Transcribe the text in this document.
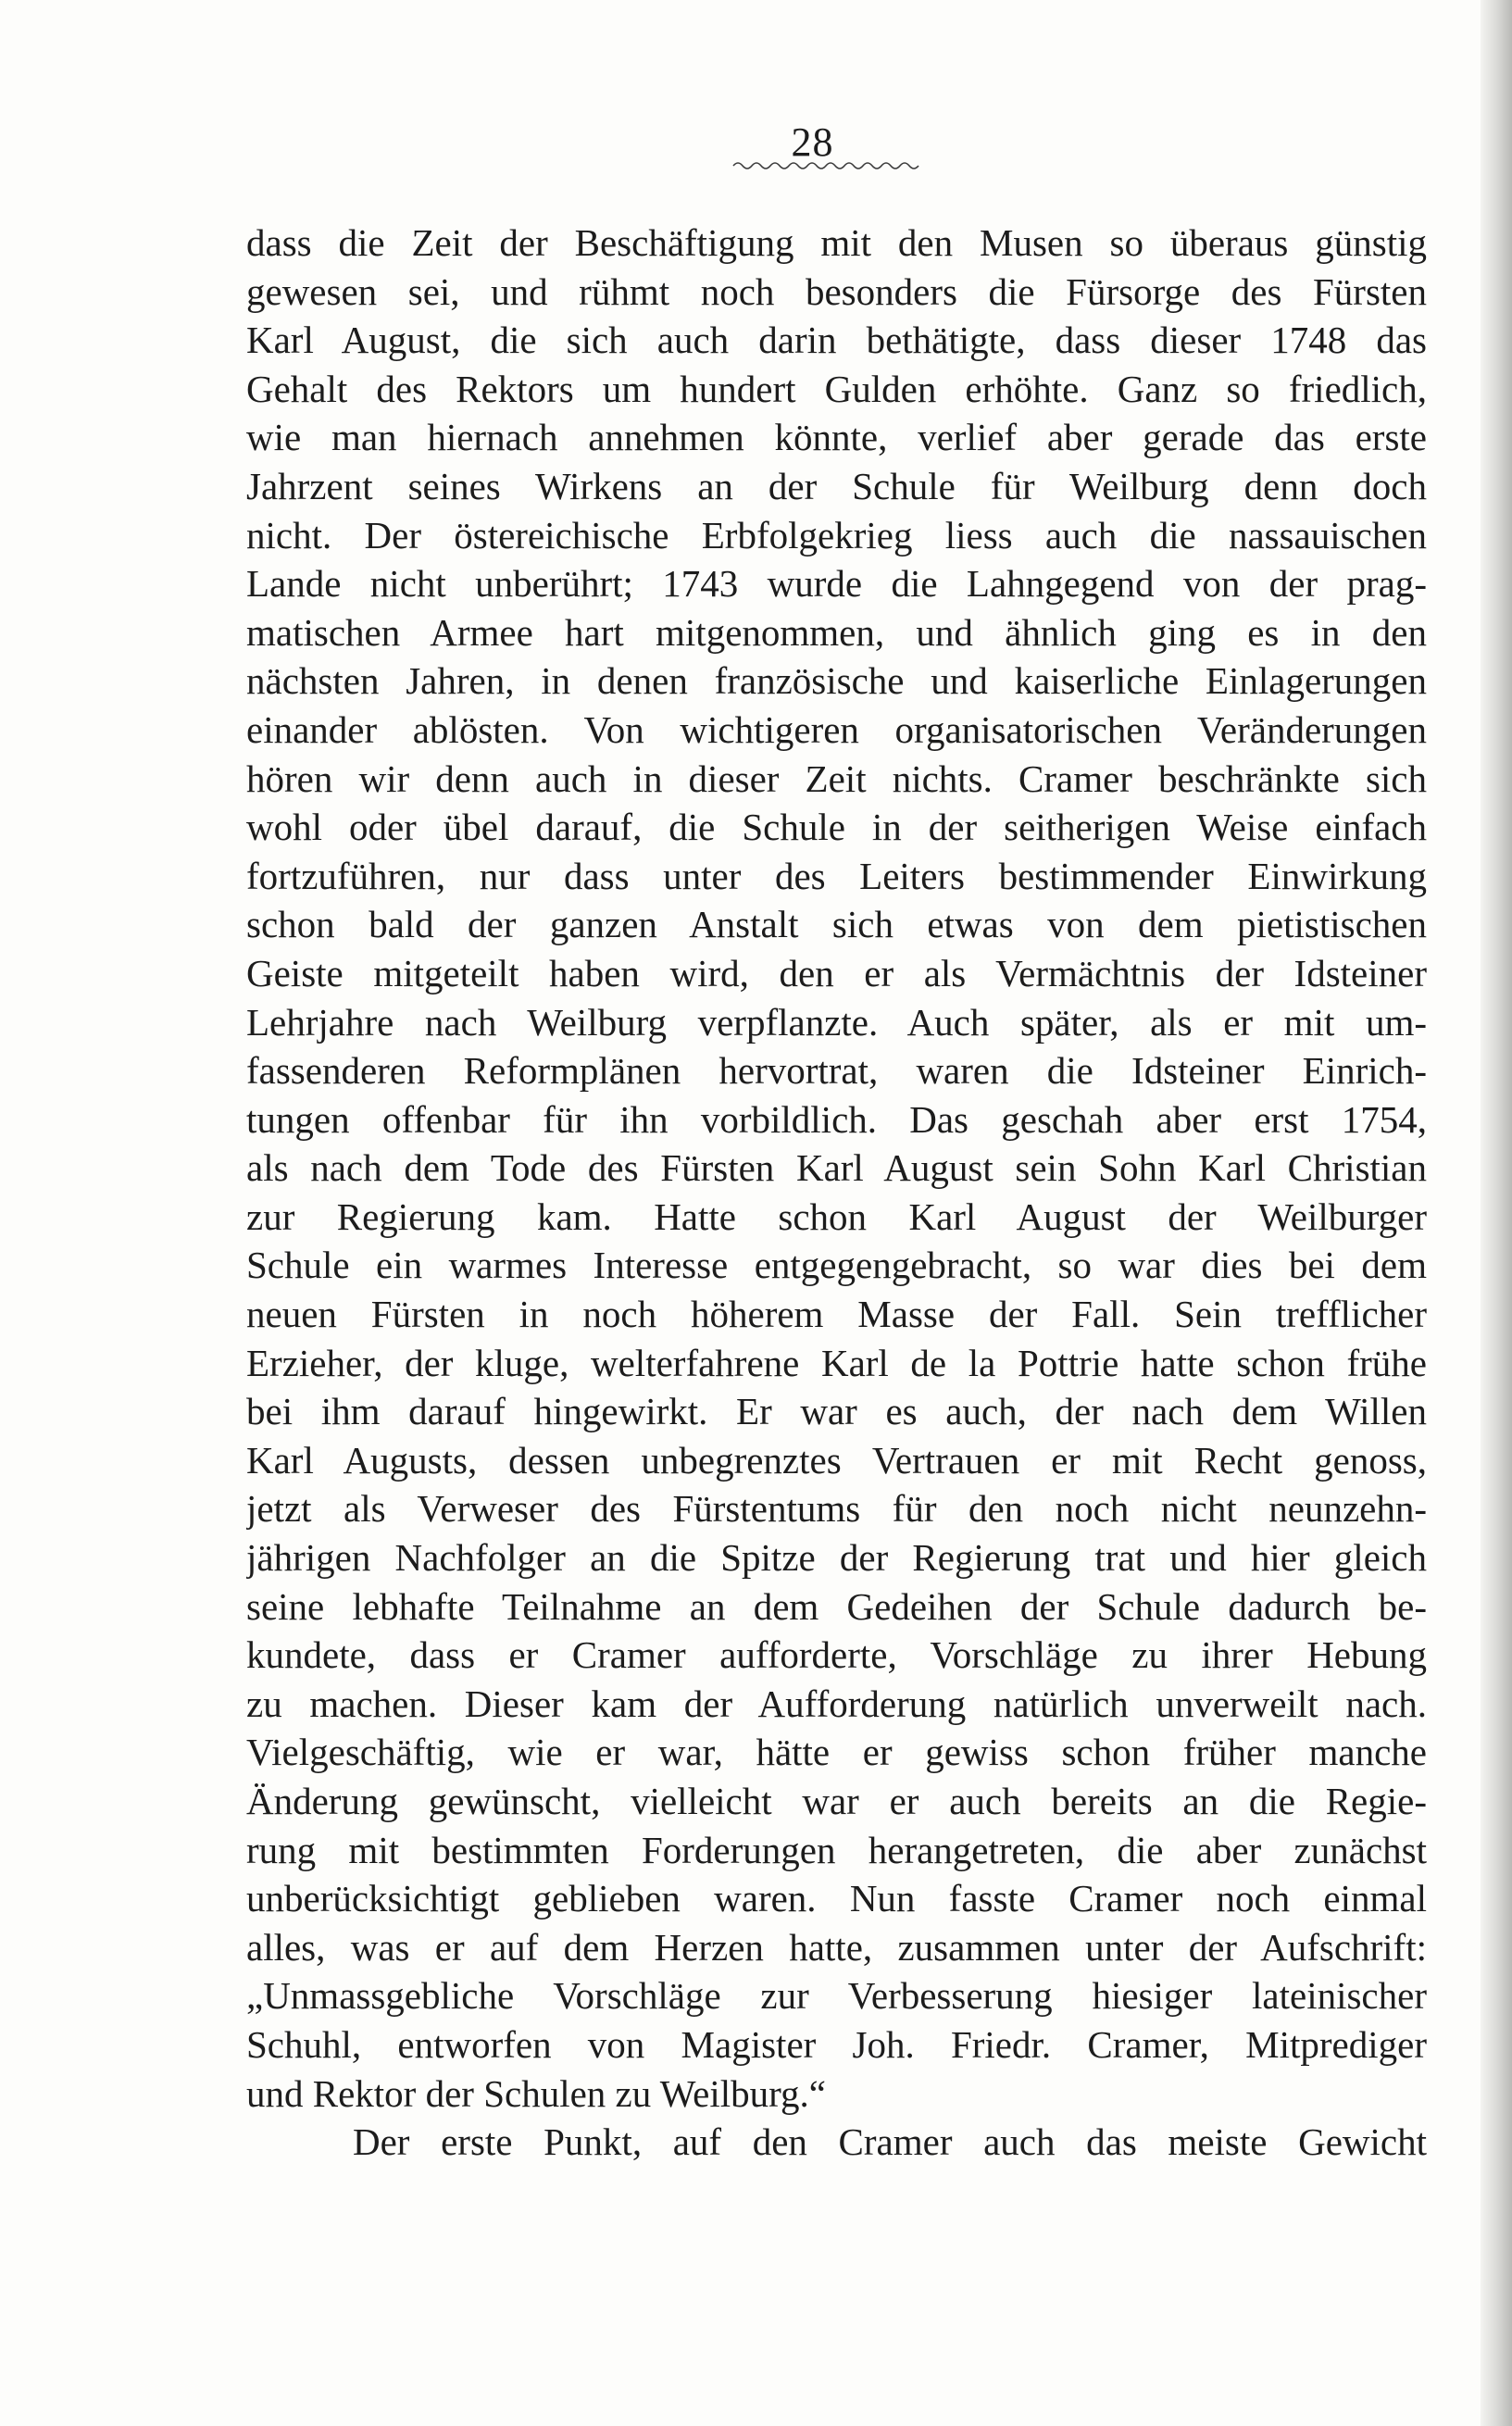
28
dass die Zeit der Beschäftigung mit den Musen so überaus günstig
gewesen sei, und rühmt noch besonders die Fürsorge des Fürsten
Karl August, die sich auch darin bethätigte, dass dieser 1748 das
Gehalt des Rektors um hundert Gulden erhöhte. Ganz so friedlich,
wie man hiernach annehmen könnte, verlief aber gerade das erste
Jahrzent seines Wirkens an der Schule für Weilburg denn doch
nicht. Der östereichische Erbfolgekrieg liess auch die nassauischen
Lande nicht unberührt; 1743 wurde die Lahngegend von der prag-
matischen Armee hart mitgenommen, und ähnlich ging es in den
nächsten Jahren, in denen französische und kaiserliche Einlagerungen
einander ablösten. Von wichtigeren organisatorischen Veränderungen
hören wir denn auch in dieser Zeit nichts. Cramer beschränkte sich
wohl oder übel darauf, die Schule in der seitherigen Weise einfach
fortzuführen, nur dass unter des Leiters bestimmender Einwirkung
schon bald der ganzen Anstalt sich etwas von dem pietistischen
Geiste mitgeteilt haben wird, den er als Vermächtnis der Idsteiner
Lehrjahre nach Weilburg verpflanzte. Auch später, als er mit um-
fassenderen Reformplänen hervortrat, waren die Idsteiner Einrich-
tungen offenbar für ihn vorbildlich. Das geschah aber erst 1754,
als nach dem Tode des Fürsten Karl August sein Sohn Karl Christian
zur Regierung kam. Hatte schon Karl August der Weilburger
Schule ein warmes Interesse entgegengebracht, so war dies bei dem
neuen Fürsten in noch höherem Masse der Fall. Sein trefflicher
Erzieher, der kluge, welterfahrene Karl de la Pottrie hatte schon frühe
bei ihm darauf hingewirkt. Er war es auch, der nach dem Willen
Karl Augusts, dessen unbegrenztes Vertrauen er mit Recht genoss,
jetzt als Verweser des Fürstentums für den noch nicht neunzehn-
jährigen Nachfolger an die Spitze der Regierung trat und hier gleich
seine lebhafte Teilnahme an dem Gedeihen der Schule dadurch be-
kundete, dass er Cramer aufforderte, Vorschläge zu ihrer Hebung
zu machen. Dieser kam der Aufforderung natürlich unverweilt nach.
Vielgeschäftig, wie er war, hätte er gewiss schon früher manche
Änderung gewünscht, vielleicht war er auch bereits an die Regie-
rung mit bestimmten Forderungen herangetreten, die aber zunächst
unberücksichtigt geblieben waren. Nun fasste Cramer noch einmal
alles, was er auf dem Herzen hatte, zusammen unter der Aufschrift:
„Unmassgebliche Vorschläge zur Verbesserung hiesiger lateinischer
Schuhl, entworfen von Magister Joh. Friedr. Cramer, Mitprediger
und Rektor der Schulen zu Weilburg.“
Der erste Punkt, auf den Cramer auch das meiste Gewicht
